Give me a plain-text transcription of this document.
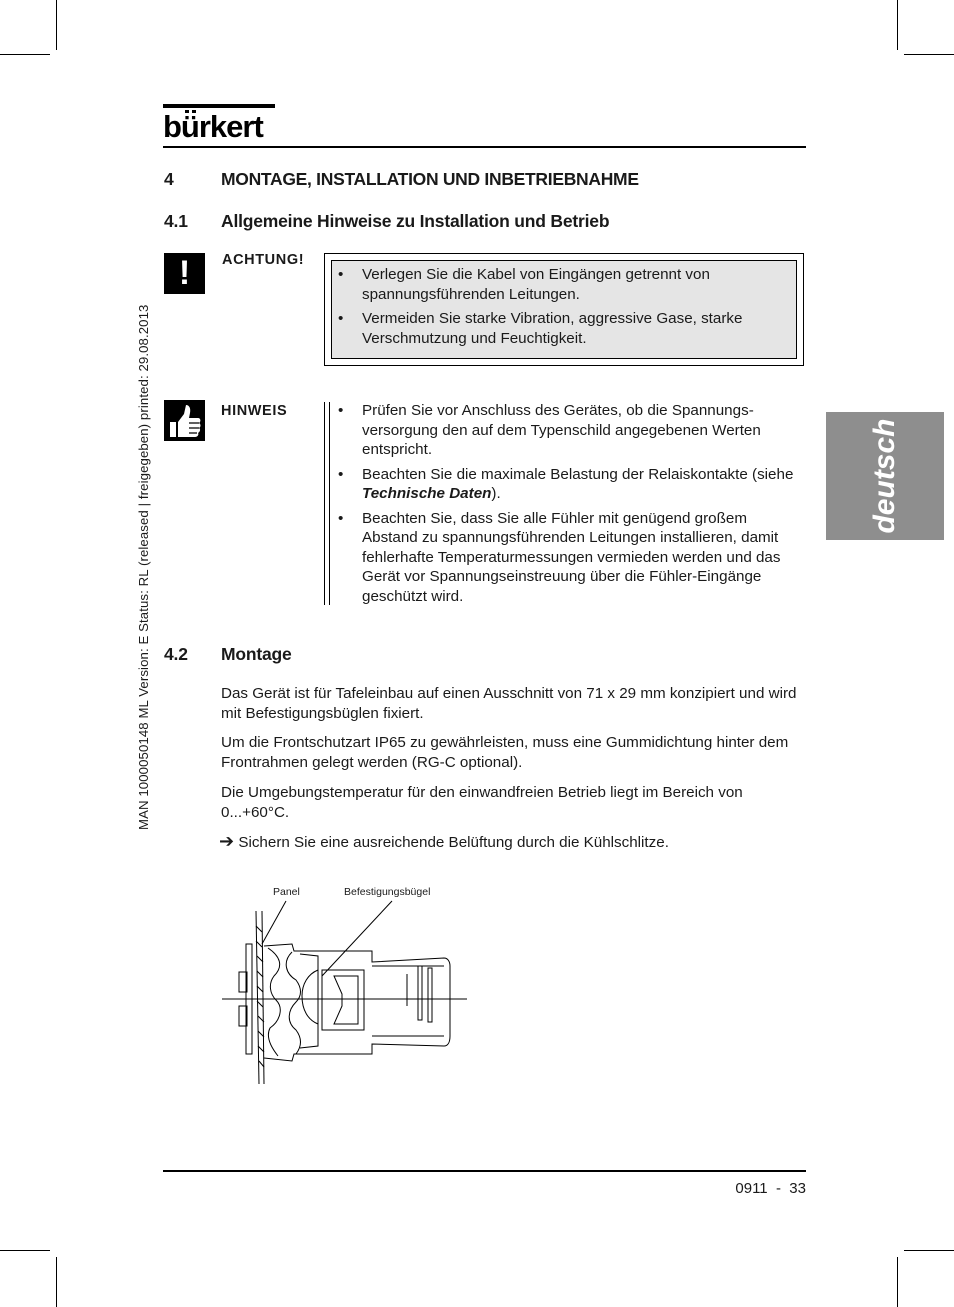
bürkert
MAN 1000050148 ML Version: E Status: RL (released | freigegeben) printed: 29.08.2013	deutsch
4	MONTAGE, INSTALLATION UND INBETRIEBNAHME
4.1 Allgemeine Hinweise zu Installation und Betrieb
!	ACHTUNG!
• Verlegen Sie die Kabel von Eingängen getrennt von spannungsführenden Leitungen.
• Vermeiden Sie starke Vibration, aggressive Gase, starke Verschmutzung und Feuchtigkeit.
HINWEIS
•	Prüfen Sie vor Anschluss des Gerätes, ob die Spannungsversorgung den auf dem Typenschild angegebenen Werten entspricht.
• Beachten Sie die maximale Belastung der Relaiskontakte (siehe Technische Daten).
• Beachten Sie, dass Sie alle Fühler mit genügend großem Abstand zu spannungsführenden Leitungen installieren, damit fehlerhafte Temperaturmessungen vermieden werden und das Gerät vor Spannungseinstreuung über die Fühler-Eingänge geschützt wird.
4.2 Montage
Das Gerät ist für Tafeleinbau auf einen Ausschnitt von 71 x 29 mm konzipiert und wird mit Befestigungsbüglen fixiert.
Um die Frontschutzart IP65 zu gewährleisten, muss eine Gummidichtung hinter dem Frontrahmen gelegt werden (RG-C optional).
Die Umgebungstemperatur für den einwandfreien Betrieb liegt im Bereich von 0...+60°C.
➔ Sichern Sie eine ausreichende Belüftung durch die Kühlschlitze.
Panel	Befestigungsbügel
0911  -  33
